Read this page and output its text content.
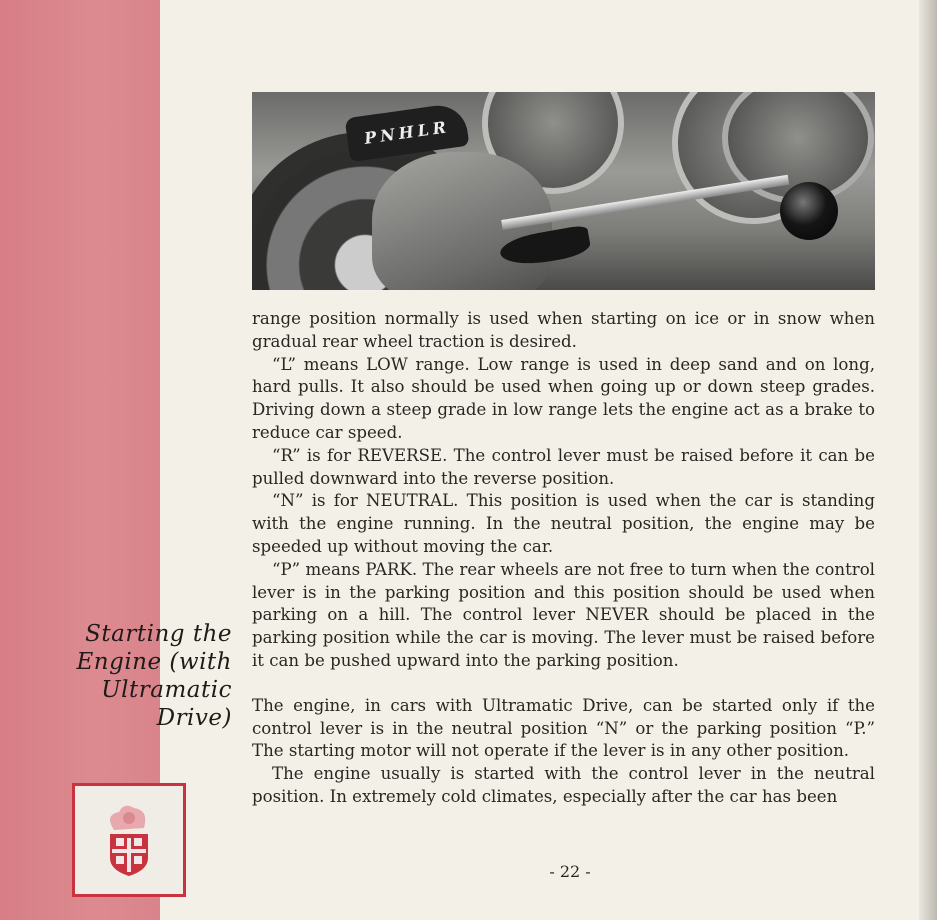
PNHLR

range position normally is used when starting on ice or in snow when gradual rear wheel traction is desired.

“L” means LOW range. Low range is used in deep sand and on long, hard pulls. It also should be used when going up or down steep grades. Driving down a steep grade in low range lets the engine act as a brake to reduce car speed.

“R” is for REVERSE. The control lever must be raised before it can be pulled downward into the reverse position.

“N” is for NEUTRAL. This position is used when the car is standing with the engine running. In the neutral position, the engine may be speeded up without moving the car.

“P” means PARK. The rear wheels are not free to turn when the control lever is in the parking position and this position should be used when parking on a hill. The control lever NEVER should be placed in the parking position while the car is moving. The lever must be raised before it can be pushed upward into the parking position.

The engine, in cars with Ultramatic Drive, can be started only if the control lever is in the neutral position “N” or the parking position “P.” The starting motor will not operate if the lever is in any other position.

The engine usually is started with the control lever in the neutral position. In extremely cold climates, especially after the car has been

Starting the
Engine (with
Ultramatic
Drive)
- 22 -
